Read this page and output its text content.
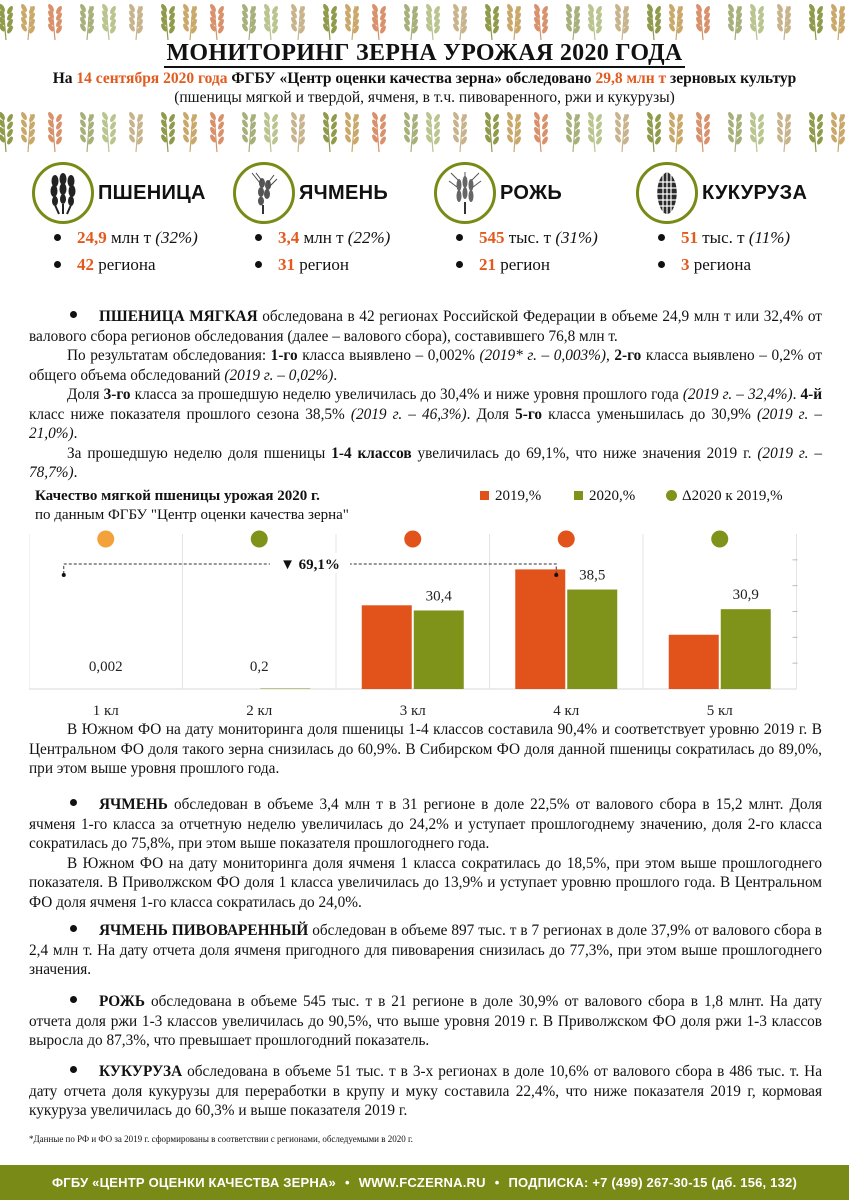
МОНИТОРИНГ ЗЕРНА УРОЖАЯ 2020 ГОДА
На 14 сентября 2020 года ФГБУ «Центр оценки качества зерна» обследовано 29,8 млн т зерновых культур
(пшеницы мягкой и твердой, ячменя, в т.ч. пивоваренного, ржи и кукурузы)
ПШЕНИЦА
24,9 млн т (32%)
42 региона
ЯЧМЕНЬ
3,4 млн т (22%)
31 регион
РОЖЬ
545 тыс. т (31%)
21 регион
КУКУРУЗА
51 тыс. т (11%)
3 региона

ПШЕНИЦА МЯГКАЯ обследована в 42 регионах Российской Федерации в объеме 24,9 млн т или 32,4% от валового сбора регионов обследования (далее – валового сбора), составившего 76,8 млн т.

По результатам обследования: 1-го класса выявлено – 0,002% (2019* г. – 0,003%), 2-го класса выявлено – 0,2% от общего объема обследований (2019 г. – 0,02%).

Доля 3-го класса за прошедшую неделю увеличилась до 30,4% и ниже уровня прошлого года (2019 г. – 32,4%). 4-й класс ниже показателя прошлого сезона 38,5% (2019 г. – 46,3%). Доля 5-го класса уменьшилась до 30,9% (2019 г. – 21,0%).

За прошедшую неделю доля пшеницы 1-4 классов увеличилась до 69,1%, что ниже значения 2019 г. (2019 г. – 78,7%).

Качество мягкой пшеницы урожая 2020 г.
по данным ФГБУ "Центр оценки качества зерна"
2019,%	2020,%	Δ2020 к 2019,%
0,002
1 кл
0,2
2 кл
30,4
3 кл
38,5
4 кл
30,9
5 кл
▼ 69,1%

В Южном ФО на дату мониторинга доля пшеницы 1-4 классов составила 90,4% и соответствует уровню 2019 г. В Центральном ФО доля такого зерна снизилась до 60,9%. В Сибирском ФО доля данной пшеницы сократилась до 89,0%, при этом выше уровня прошлого года.

ЯЧМЕНЬ обследован в объеме 3,4 млн т в 31 регионе в доле 22,5% от валового сбора в 15,2 млнт. Доля ячменя 1-го класса за отчетную неделю увеличилась до 24,2% и уступает прошлогоднему значению, доля 2-го класса сократилась до 75,8%, при этом выше показателя прошлогоднего года.

В Южном ФО на дату мониторинга доля ячменя 1 класса сократилась до 18,5%, при этом выше прошлогоднего показателя. В Приволжском ФО доля 1 класса увеличилась до 13,9% и уступает уровню прошлого года. В Центральном ФО доля ячменя 1-го класса сократилась до 24,0%.

ЯЧМЕНЬ ПИВОВАРЕННЫЙ обследован в объеме 897 тыс. т в 7 регионах в доле 37,9% от валового сбора в 2,4 млн т. На дату отчета доля ячменя пригодного для пивоварения снизилась до 77,3%, при этом выше прошлогоднего значения.

РОЖЬ обследована в объеме 545 тыс. т в 21 регионе в доле 30,9% от валового сбора в 1,8 млнт. На дату отчета доля ржи 1-3 классов увеличилась до 90,5%, что выше уровня 2019 г. В Приволжском ФО доля ржи 1-3 классов выросла до 87,3%, что превышает прошлогодний показатель.

КУКУРУЗА обследована в объеме 51 тыс. т в 3-х регионах в доле 10,6% от валового сбора в 486 тыс. т. На дату отчета доля кукурузы для переработки в крупу и муку составила 22,4%, что ниже показателя 2019 г, кормовая кукуруза увеличилась до 60,3% и выше показателя 2019 г.

*Данные по РФ и ФО за 2019 г. сформированы в соответствии с регионами, обследуемыми в 2020 г.
ФГБУ «ЦЕНТР ОЦЕНКИ КАЧЕСТВА ЗЕРНА» • WWW.FCZERNA.RU • ПОДПИСКА: +7 (499) 267-30-15 (дб. 156, 132)
